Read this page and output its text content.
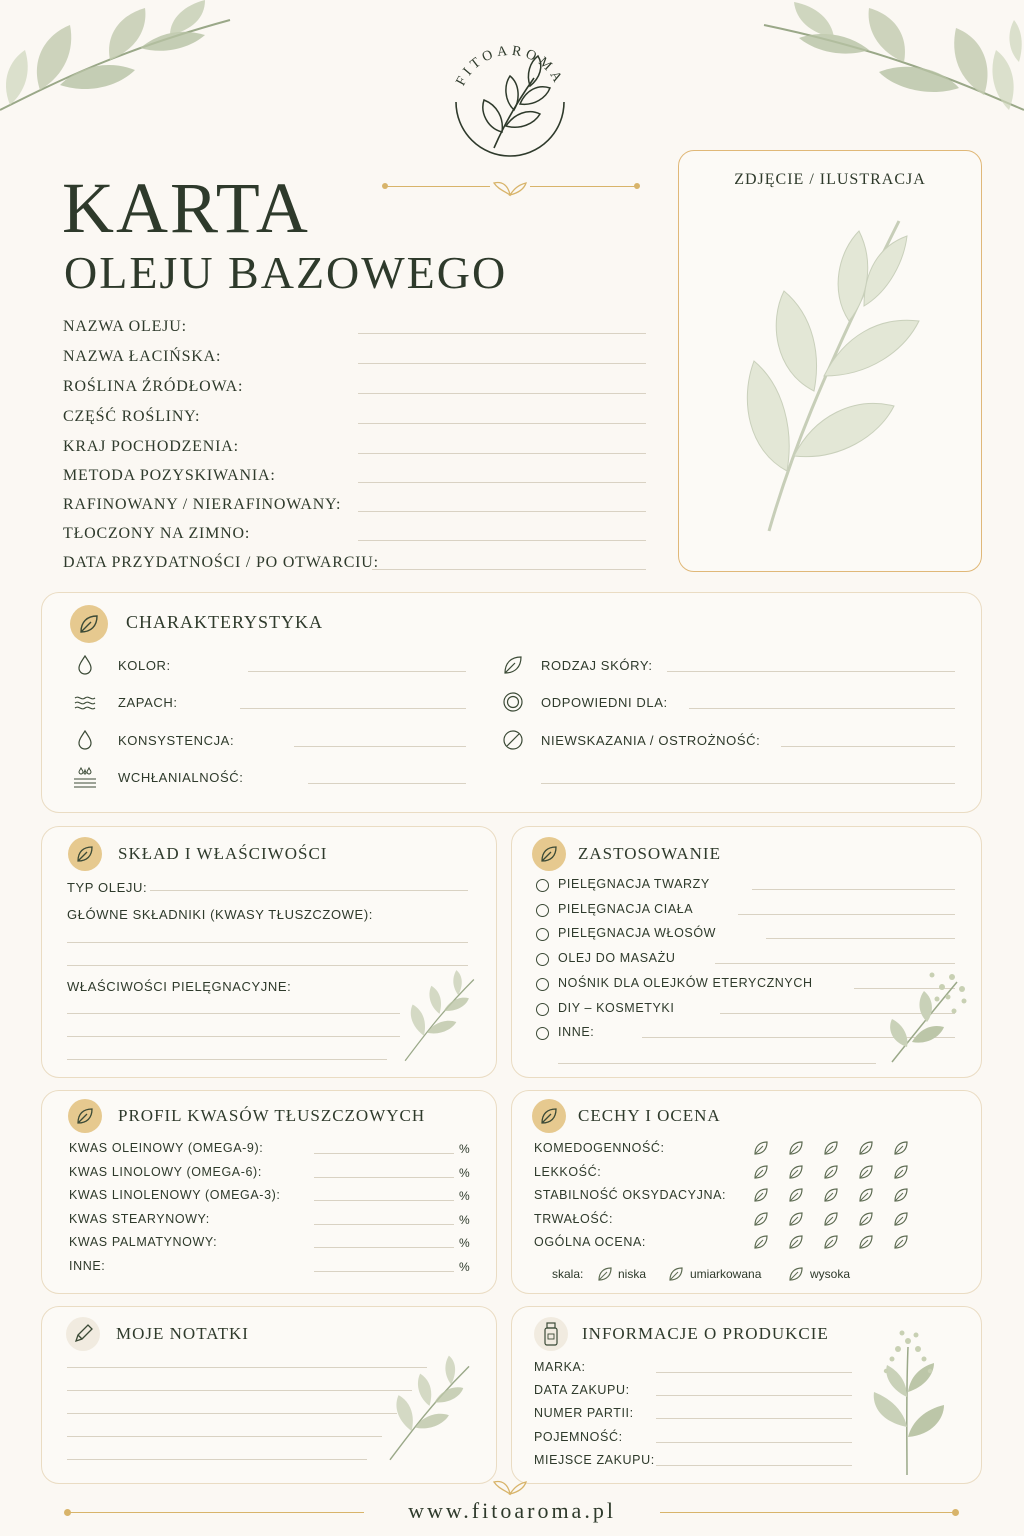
FITOAROMA
KARTA
OLEJU BAZOWEGO
NAZWA OLEJU:
NAZWA ŁACIŃSKA:
ROŚLINA ŹRÓDŁOWA:
CZĘŚĆ ROŚLINY:
KRAJ POCHODZENIA:
METODA POZYSKIWANIA:
RAFINOWANY / NIERAFINOWANY:
TŁOCZONY NA ZIMNO:
DATA PRZYDATNOŚCI / PO OTWARCIU:
ZDJĘCIE / ILUSTRACJA
CHARAKTERYSTYKA
KOLOR:
ZAPACH:
KONSYSTENCJA:
WCHŁANIALNOŚĆ:
RODZAJ SKÓRY:
ODPOWIEDNI DLA:
NIEWSKAZANIA / OSTROŻNOŚĆ:
SKŁAD I WŁAŚCIWOŚCI
TYP OLEJU:
GŁÓWNE SKŁADNIKI (KWASY TŁUSZCZOWE):
WŁAŚCIWOŚCI PIELĘGNACYJNE:
ZASTOSOWANIE
PIELĘGNACJA TWARZY
PIELĘGNACJA CIAŁA
PIELĘGNACJA WŁOSÓW
OLEJ DO MASAŻU
NOŚNIK DLA OLEJKÓW ETERYCZNYCH
DIY – KOSMETYKI
INNE:
PROFIL KWASÓW TŁUSZCZOWYCH
KWAS OLEINOWY (OMEGA-9):	%
KWAS LINOLOWY (OMEGA-6):	%
KWAS LINOLENOWY (OMEGA-3):	%
KWAS STEARYNOWY:	%
KWAS PALMATYNOWY:	%
INNE:	%
CECHY I OCENA
KOMEDOGENNOŚĆ:
LEKKOŚĆ:
STABILNOŚĆ OKSYDACYJNA:
TRWAŁOŚĆ:
OGÓLNA OCENA:
skala:	niska	umiarkowana	wysoka
MOJE NOTATKI	INFORMACJE O PRODUKCIE
MARKA:
DATA ZAKUPU:
NUMER PARTII:
POJEMNOŚĆ:
MIEJSCE ZAKUPU:
www.fitoaroma.pl
